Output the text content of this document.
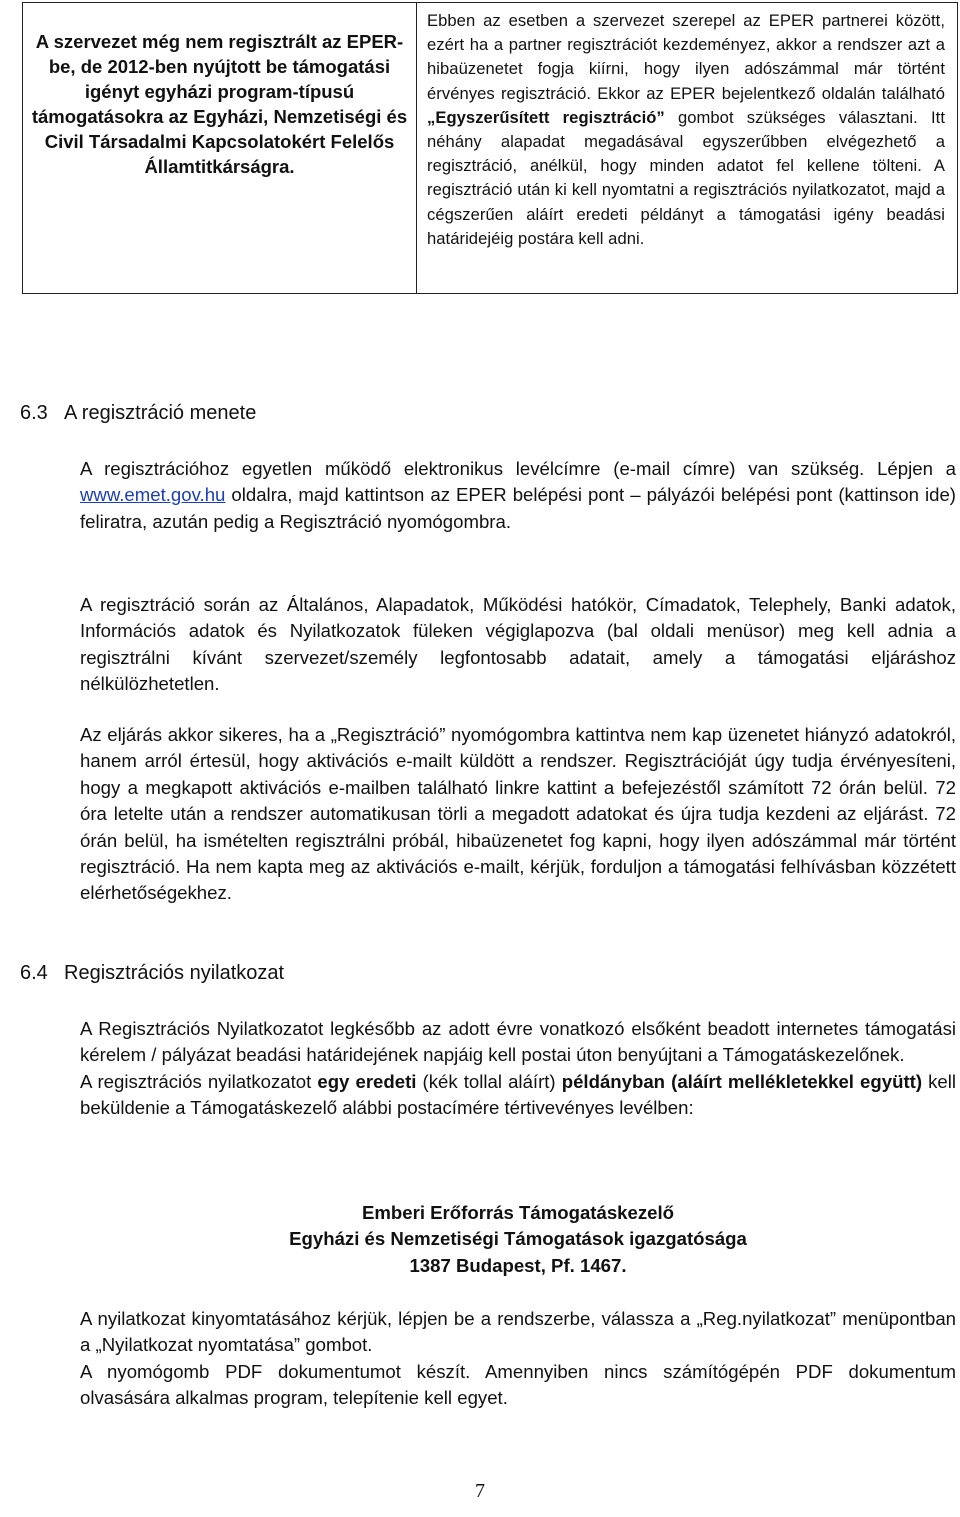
A szervezet még nem regisztrált az EPER-be, de 2012-ben nyújtott be támogatási igényt egyházi program-típusú támogatásokra az Egyházi, Nemzetiségi és Civil Társadalmi Kapcsolatokért Felelős Államtitkárságra.
Ebben az esetben a szervezet szerepel az EPER partnerei között, ezért ha a partner regisztrációt kezdeményez, akkor a rendszer azt a hibaüzenetet fogja kiírni, hogy ilyen adószámmal már történt érvényes regisztráció. Ekkor az EPER bejelentkező oldalán található „Egyszerűsített regisztráció” gombot szükséges választani. Itt néhány alapadat megadásával egyszerűbben elvégezhető a regisztráció, anélkül, hogy minden adatot fel kellene tölteni. A regisztráció után ki kell nyomtatni a regisztrációs nyilatkozatot, majd a cégszerűen aláírt eredeti példányt a támogatási igény beadási határidejéig postára kell adni.
6.3 A regisztráció menete

A regisztrációhoz egyetlen működő elektronikus levélcímre (e-mail címre) van szükség. Lépjen a www.emet.gov.hu oldalra, majd kattintson az EPER belépési pont – pályázói belépési pont (kattinson ide) feliratra, azután pedig a Regisztráció nyomógombra.

A regisztráció során az Általános, Alapadatok, Működési hatókör, Címadatok, Telephely, Banki adatok, Információs adatok és Nyilatkozatok füleken végiglapozva (bal oldali menüsor) meg kell adnia a regisztrálni kívánt szervezet/személy legfontosabb adatait, amely a támogatási eljáráshoz nélkülözhetetlen.

Az eljárás akkor sikeres, ha a „Regisztráció” nyomógombra kattintva nem kap üzenetet hiányzó adatokról, hanem arról értesül, hogy aktivációs e-mailt küldött a rendszer. Regisztrációját úgy tudja érvényesíteni, hogy a megkapott aktivációs e-mailben található linkre kattint a befejezéstől számított 72 órán belül. 72 óra letelte után a rendszer automatikusan törli a megadott adatokat és újra tudja kezdeni az eljárást. 72 órán belül, ha ismételten regisztrálni próbál, hibaüzenetet fog kapni, hogy ilyen adószámmal már történt regisztráció. Ha nem kapta meg az aktivációs e-mailt, kérjük, forduljon a támogatási felhívásban közzétett elérhetőségekhez.

6.4 Regisztrációs nyilatkozat

A Regisztrációs Nyilatkozatot legkésőbb az adott évre vonatkozó elsőként beadott internetes támogatási kérelem / pályázat beadási határidejének napjáig kell postai úton benyújtani a Támogatáskezelőnek.

A regisztrációs nyilatkozatot egy eredeti (kék tollal aláírt) példányban (aláírt mellékletekkel együtt) kell beküldenie a Támogatáskezelő alábbi postacímére tértivevényes levélben:

Emberi Erőforrás Támogatáskezelő
Egyházi és Nemzetiségi Támogatások igazgatósága
1387 Budapest, Pf. 1467.

A nyilatkozat kinyomtatásához kérjük, lépjen be a rendszerbe, válassza a „Reg.nyilatkozat” menüpontban a „Nyilatkozat nyomtatása” gombot.

A nyomógomb PDF dokumentumot készít. Amennyiben nincs számítógépén PDF dokumentum olvasására alkalmas program, telepítenie kell egyet.

7
